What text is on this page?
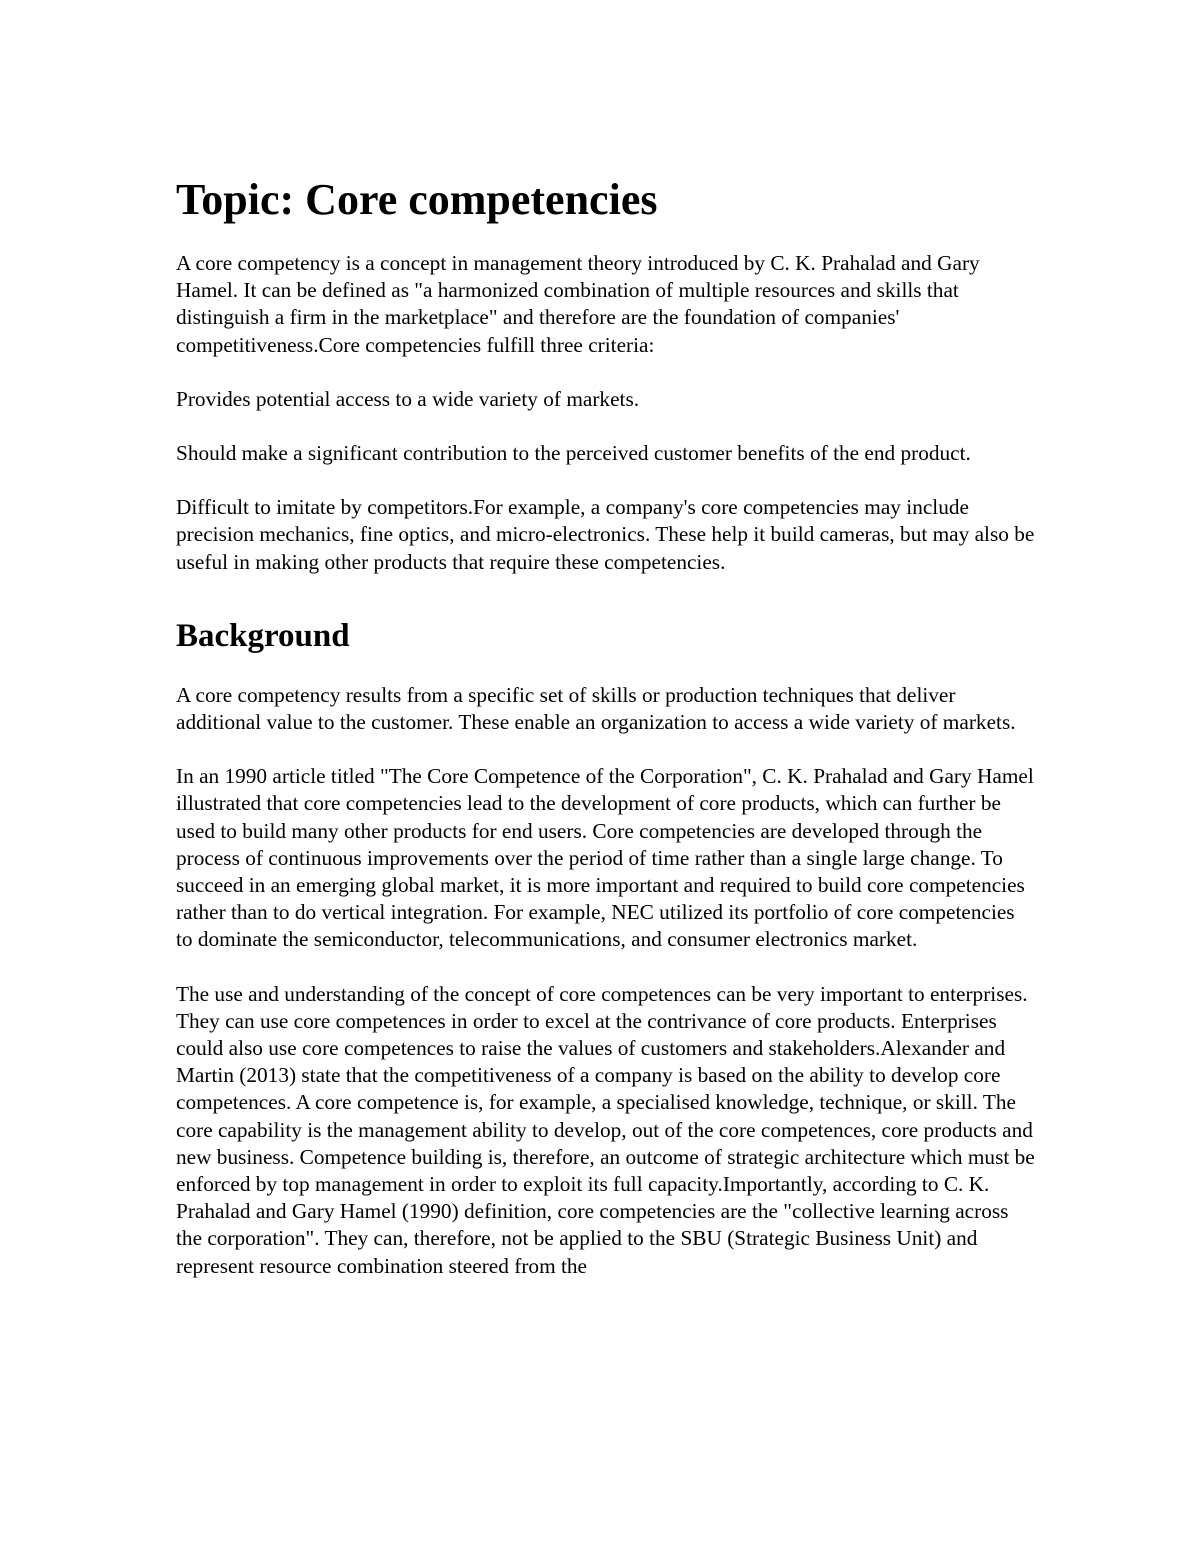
Topic: Core competencies

A core competency is a concept in management theory introduced by C. K. Prahalad and Gary Hamel. It can be defined as "a harmonized combination of multiple resources and skills that distinguish a firm in the marketplace" and therefore are the foundation of companies' competitiveness.Core competencies fulfill three criteria:

Provides potential access to a wide variety of markets.

Should make a significant contribution to the perceived customer benefits of the end product.

Difficult to imitate by competitors.For example, a company's core competencies may include precision mechanics, fine optics, and micro-electronics. These help it build cameras, but may also be useful in making other products that require these competencies.

Background

A core competency results from a specific set of skills or production techniques that deliver additional value to the customer. These enable an organization to access a wide variety of markets.

In an 1990 article titled "The Core Competence of the Corporation", C. K. Prahalad and Gary Hamel illustrated that core competencies lead to the development of core products, which can further be used to build many other products for end users. Core competencies are developed through the process of continuous improvements over the period of time rather than a single large change. To succeed in an emerging global market, it is more important and required to build core competencies rather than to do vertical integration. For example, NEC utilized its portfolio of core competencies to dominate the semiconductor, telecommunications, and consumer electronics market.

The use and understanding of the concept of core competences can be very important to enterprises. They can use core competences in order to excel at the contrivance of core products. Enterprises could also use core competences to raise the values of customers and stakeholders.Alexander and Martin (2013) state that the competitiveness of a company is based on the ability to develop core competences. A core competence is, for example, a specialised knowledge, technique, or skill. The core capability is the management ability to develop, out of the core competences, core products and new business. Competence building is, therefore, an outcome of strategic architecture which must be enforced by top management in order to exploit its full capacity.Importantly, according to C. K. Prahalad and Gary Hamel (1990) definition, core competencies are the "collective learning across the corporation". They can, therefore, not be applied to the SBU (Strategic Business Unit) and represent resource combination steered from the
